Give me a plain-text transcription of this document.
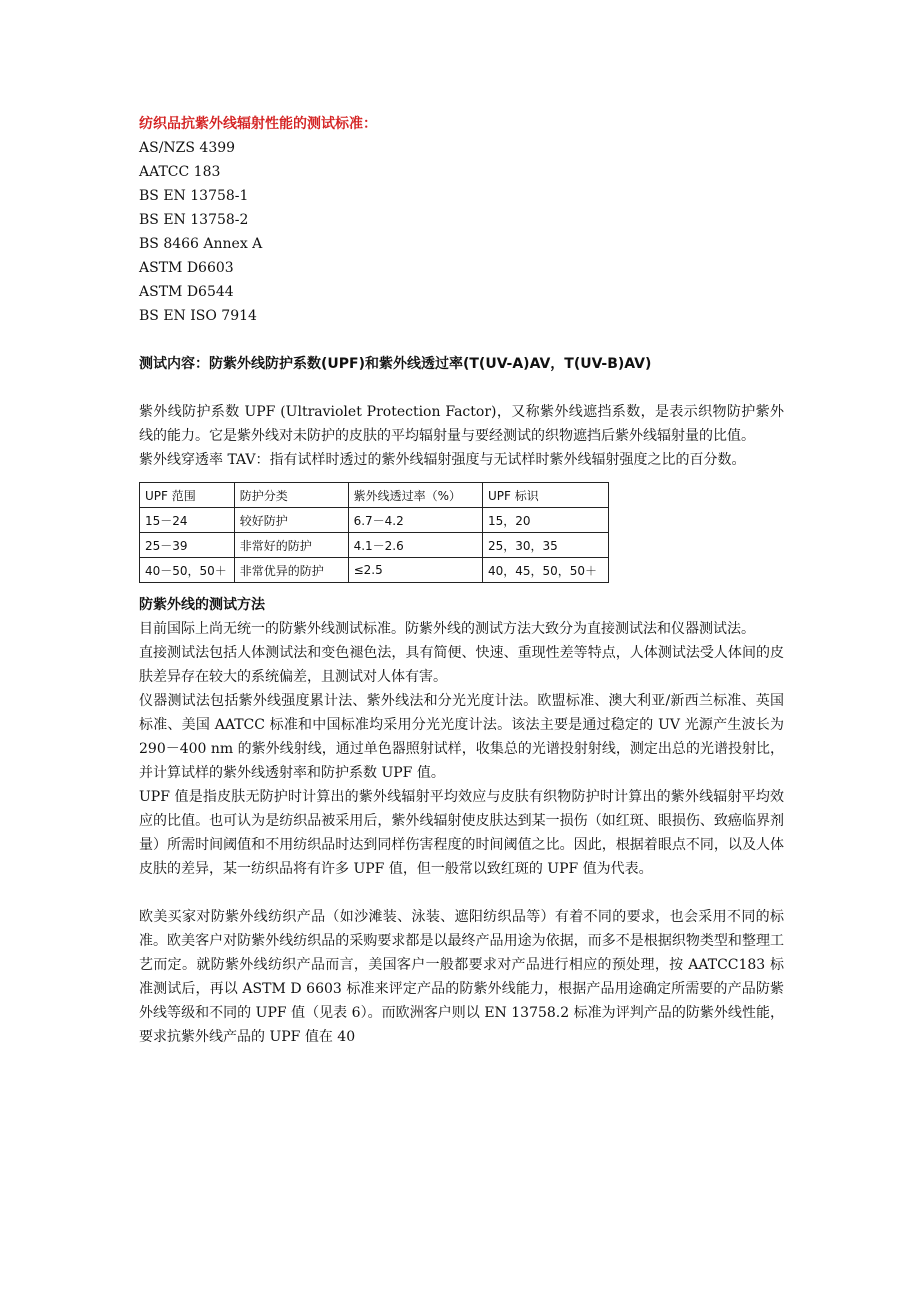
纺织品抗紫外线辐射性能的测试标准：
AS/NZS 4399
AATCC 183
BS EN 13758-1
BS EN 13758-2
BS 8466 Annex A
ASTM D6603
ASTM D6544
BS EN ISO 7914
测试内容：防紫外线防护系数(UPF)和紫外线透过率(T(UV-A)AV，T(UV-B)AV)
紫外线防护系数 UPF (Ultraviolet Protection Factor)，又称紫外线遮挡系数，是表示织物防护紫外线的能力。它是紫外线对未防护的皮肤的平均辐射量与要经测试的织物遮挡后紫外线辐射量的比值。
紫外线穿透率 TAV：指有试样时透过的紫外线辐射强度与无试样时紫外线辐射强度之比的百分数。
UPF 范围	防护分类	紫外线透过率（%）	UPF 标识
15－24	较好防护	6.7－4.2	15，20
25－39	非常好的防护	4.1－2.6	25，30，35
40－50，50＋	非常优异的防护	≤2.5	40，45，50，50＋
防紫外线的测试方法
目前国际上尚无统一的防紫外线测试标准。防紫外线的测试方法大致分为直接测试法和仪器测试法。
直接测试法包括人体测试法和变色褪色法，具有简便、快速、重现性差等特点，人体测试法受人体间的皮肤差异存在较大的系统偏差，且测试对人体有害。
仪器测试法包括紫外线强度累计法、紫外线法和分光光度计法。欧盟标准、澳大利亚/新西兰标准、英国标准、美国 AATCC 标准和中国标准均采用分光光度计法。该法主要是通过稳定的 UV 光源产生波长为 290－400 nm 的紫外线射线，通过单色器照射试样，收集总的光谱投射射线，测定出总的光谱投射比，并计算试样的紫外线透射率和防护系数 UPF 值。
UPF 值是指皮肤无防护时计算出的紫外线辐射平均效应与皮肤有织物防护时计算出的紫外线辐射平均效应的比值。也可认为是纺织品被采用后，紫外线辐射使皮肤达到某一损伤（如红斑、眼损伤、致癌临界剂量）所需时间阈值和不用纺织品时达到同样伤害程度的时间阈值之比。因此，根据着眼点不同，以及人体皮肤的差异，某一纺织品将有许多 UPF 值，但一般常以致红斑的 UPF 值为代表。
欧美买家对防紫外线纺织产品（如沙滩装、泳装、遮阳纺织品等）有着不同的要求，也会采用不同的标准。欧美客户对防紫外线纺织品的采购要求都是以最终产品用途为依据，而多不是根据织物类型和整理工艺而定。就防紫外线纺织产品而言，美国客户一般都要求对产品进行相应的预处理，按 AATCC183 标准测试后，再以 ASTM D 6603 标准来评定产品的防紫外线能力，根据产品用途确定所需要的产品防紫外线等级和不同的 UPF 值（见表 6）。而欧洲客户则以 EN 13758.2 标准为评判产品的防紫外线性能，要求抗紫外线产品的 UPF 值在 40
